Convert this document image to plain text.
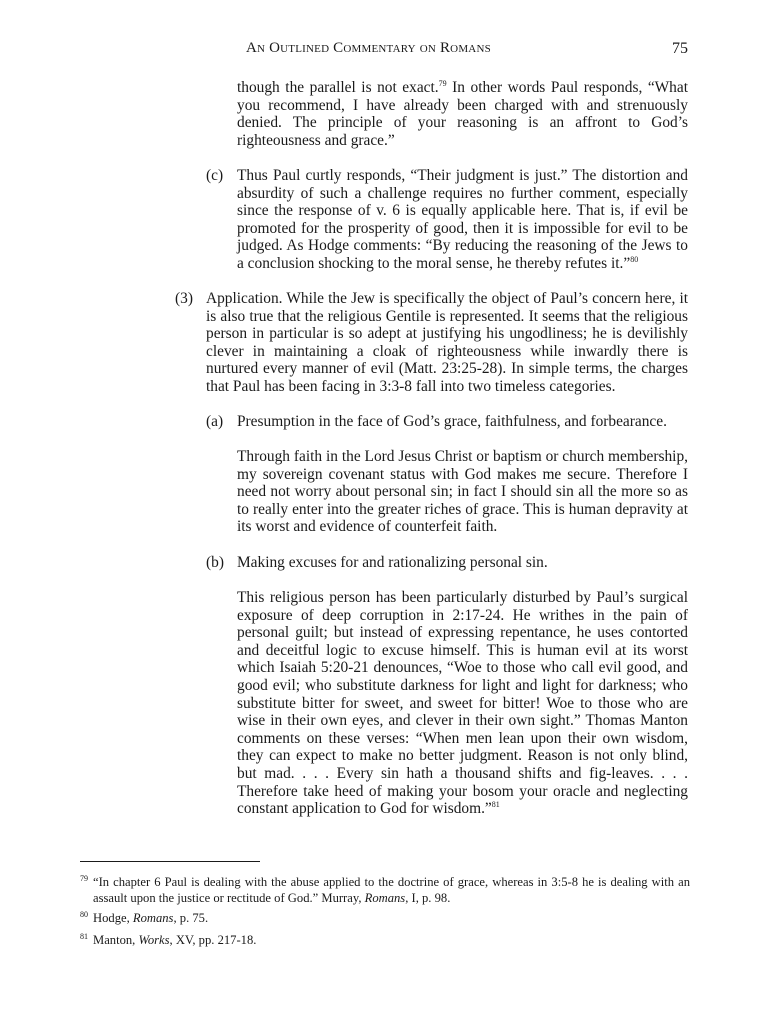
An Outlined Commentary on Romans	75

though the parallel is not exact.$^{79}$ In other words Paul responds, “What you recommend, I have already been charged with and strenuously denied. The principle of your reasoning is an affront to God’s righteousness and grace.”

(c) Thus Paul curtly responds, “Their judgment is just.” The distortion and absurdity of such a challenge requires no further comment, especially since the response of v. 6 is equally applicable here. That is, if evil be promoted for the prosperity of good, then it is impossible for evil to be judged. As Hodge comments: “By reducing the reasoning of the Jews to a conclusion shocking to the moral sense, he thereby refutes it.”$^{80}$

(3) Application. While the Jew is specifically the object of Paul’s concern here, it is also true that the religious Gentile is represented. It seems that the religious person in particular is so adept at justifying his ungodliness; he is devilishly clever in maintaining a cloak of righteousness while inwardly there is nurtured every manner of evil (Matt. 23:25-28). In simple terms, the charges that Paul has been facing in 3:3-8 fall into two timeless categories.

(a) Presumption in the face of God’s grace, faithfulness, and forbearance.

Through faith in the Lord Jesus Christ or baptism or church membership, my sovereign covenant status with God makes me secure. Therefore I need not worry about personal sin; in fact I should sin all the more so as to really enter into the greater riches of grace. This is human depravity at its worst and evidence of counterfeit faith.

(b) Making excuses for and rationalizing personal sin.

This religious person has been particularly disturbed by Paul’s surgical exposure of deep corruption in 2:17-24. He writhes in the pain of personal guilt; but instead of expressing repentance, he uses contorted and deceitful logic to excuse himself. This is human evil at its worst which Isaiah 5:20-21 denounces, “Woe to those who call evil good, and good evil; who substitute darkness for light and light for darkness; who substitute bitter for sweet, and sweet for bitter! Woe to those who are wise in their own eyes, and clever in their own sight.” Thomas Manton comments on these verses: “When men lean upon their own wisdom, they can expect to make no better judgment. Reason is not only blind, but mad. . . . Every sin hath a thousand shifts and fig-leaves. . . . Therefore take heed of making your bosom your oracle and neglecting constant application to God for wisdom.”$^{81}$

79 “In chapter 6 Paul is dealing with the abuse applied to the doctrine of grace, whereas in 3:5-8 he is dealing with an assault upon the justice or rectitude of God.” Murray, Romans, I, p. 98.
80 Hodge, Romans, p. 75.
81 Manton, Works, XV, pp. 217-18.
